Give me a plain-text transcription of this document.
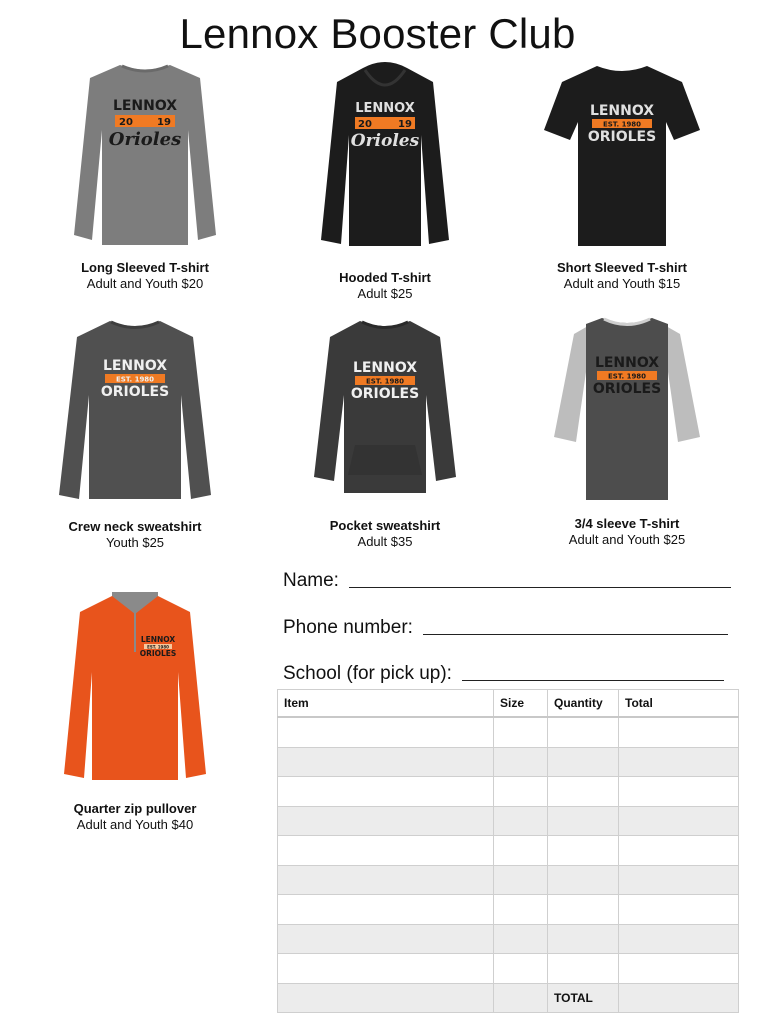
Lennox Booster Club
LENNOX
20 19
Orioles
Long Sleeved T-shirt
Adult and Youth $20
LENNOX
20	19
Orioles
Hooded T-shirt
Adult $25
LENNOX
EST. 1980
ORIOLES
Short Sleeved T-shirt
Adult and Youth $15
LENNOX
EST. 1980
ORIOLES
Crew neck sweatshirt
Youth $25
LENNOX
EST. 1980
ORIOLES
Pocket sweatshirt
Adult $35
LENNOX
EST. 1980
ORIOLES
3/4 sleeve T-shirt
Adult and Youth $25
LENNOX
EST. 1980
ORIOLES
Quarter zip pullover
Adult and Youth $40
Name:
Phone number:
School (for pick up):
Item	Size	Quantity	Total

		TOTAL	
